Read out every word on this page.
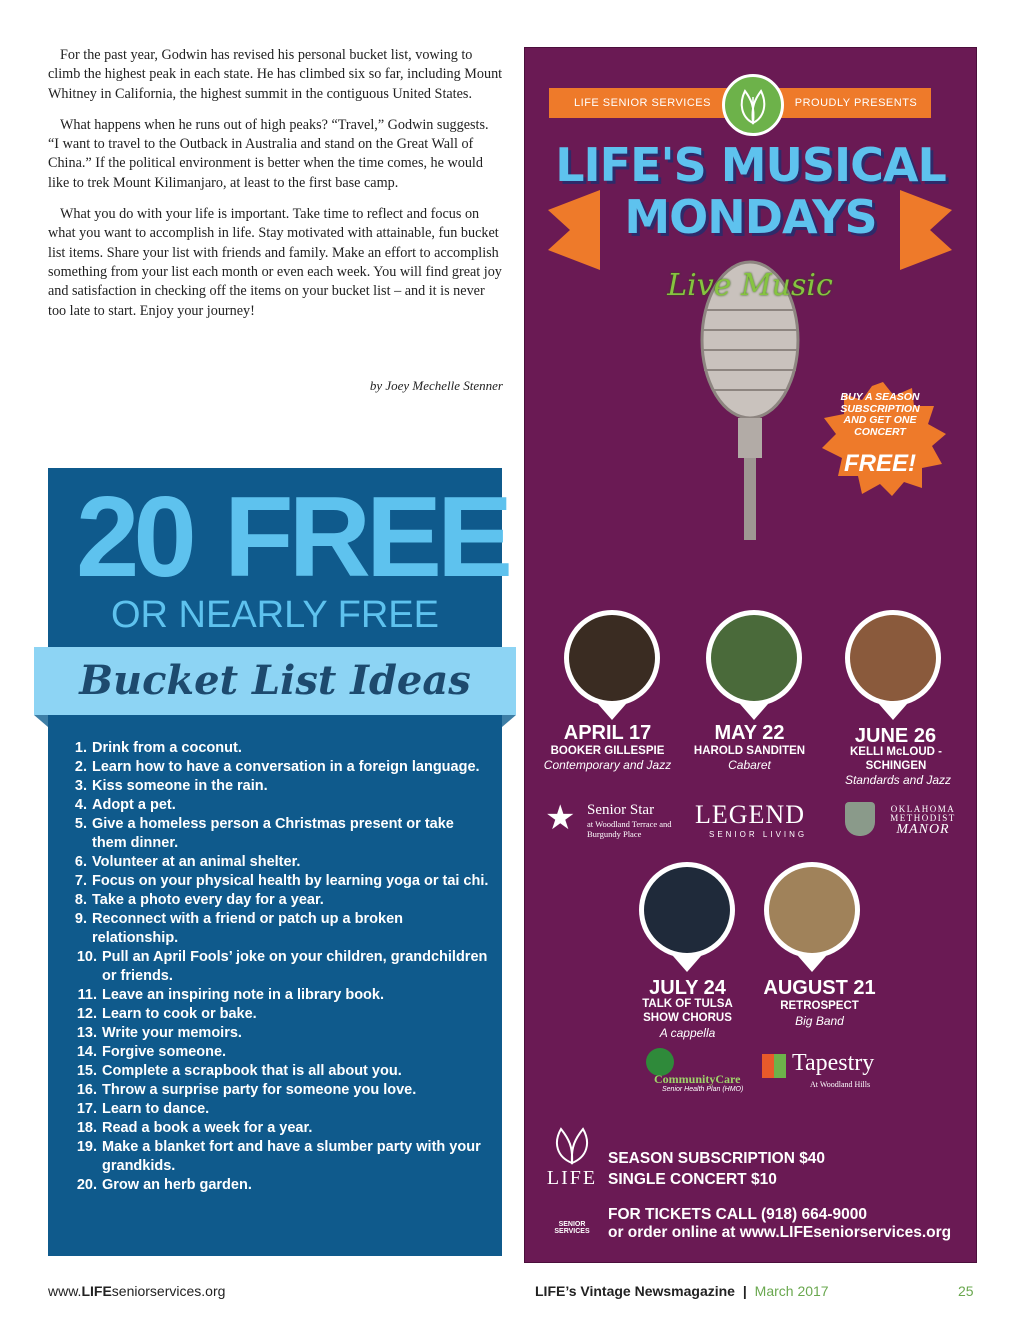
For the past year, Godwin has revised his personal bucket list, vowing to climb the highest peak in each state. He has climbed six so far, including Mount Whitney in California, the highest summit in the contiguous United States.

What happens when he runs out of high peaks? “Travel,” Godwin suggests. “I want to travel to the Outback in Australia and stand on the Great Wall of China.” If the political environment is better when the time comes, he would like to trek Mount Kilimanjaro, at least to the first base camp.

What you do with your life is important. Take time to reflect and focus on what you want to accomplish in life. Stay motivated with attainable, fun bucket list items. Share your list with friends and family. Make an effort to accomplish something from your list each month or even each week. You will find great joy and satisfaction in checking off the items on your bucket list – and it is never too late to start. Enjoy your journey!

by Joey Mechelle Stenner
20 FREE
OR NEARLY FREE
Bucket List Ideas
1. Drink from a coconut.
2. Learn how to have a conversation in a foreign language.
3. Kiss someone in the rain.
4. Adopt a pet.
5. Give a homeless person a Christmas present or take them dinner.
6. Volunteer at an animal shelter.
7. Focus on your physical health by learning yoga or tai chi.
8. Take a photo every day for a year.
9. Reconnect with a friend or patch up a broken relationship.
10. Pull an April Fools’ joke on your children, grandchildren or friends.
11. Leave an inspiring note in a library book.
12. Learn to cook or bake.
13. Write your memoirs.
14. Forgive someone.
15. Complete a scrapbook that is all about you.
16. Throw a surprise party for someone you love.
17. Learn to dance.
18. Read a book a week for a year.
19. Make a blanket fort and have a slumber party with your grandkids.
20. Grow an herb garden.
LIFE SENIOR SERVICES	PROUDLY PRESENTS
LIFE'S MUSICAL
MONDAYS
Live Music
BUY A SEASON SUBSCRIPTION AND GET ONE CONCERT
FREE!
APRIL 17
BOOKER GILLESPIE
Contemporary and Jazz
MAY 22
HAROLD SANDITEN
Cabaret
JUNE 26
KELLI McLOUD - SCHINGEN
Standards and Jazz
★ Senior Star
at Woodland Terrace and Burgundy Place
LEGEND
SENIOR LIVING
OKLAHOMA
METHODIST
MANOR
JULY 24
TALK OF TULSA SHOW CHORUS
A cappella
AUGUST 21
RETROSPECT
Big Band
CommunityCare
Senior Health Plan (HMO)
Tapestry
At Woodland Hills
LIFE
SENIOR SERVICES
SEASON SUBSCRIPTION $40
SINGLE CONCERT $10
FOR TICKETS CALL (918) 664-9000
or order online at www.LIFEseniorservices.org
www.LIFEseniorservices.org	LIFE’s Vintage Newsmagazine | March 2017	25
